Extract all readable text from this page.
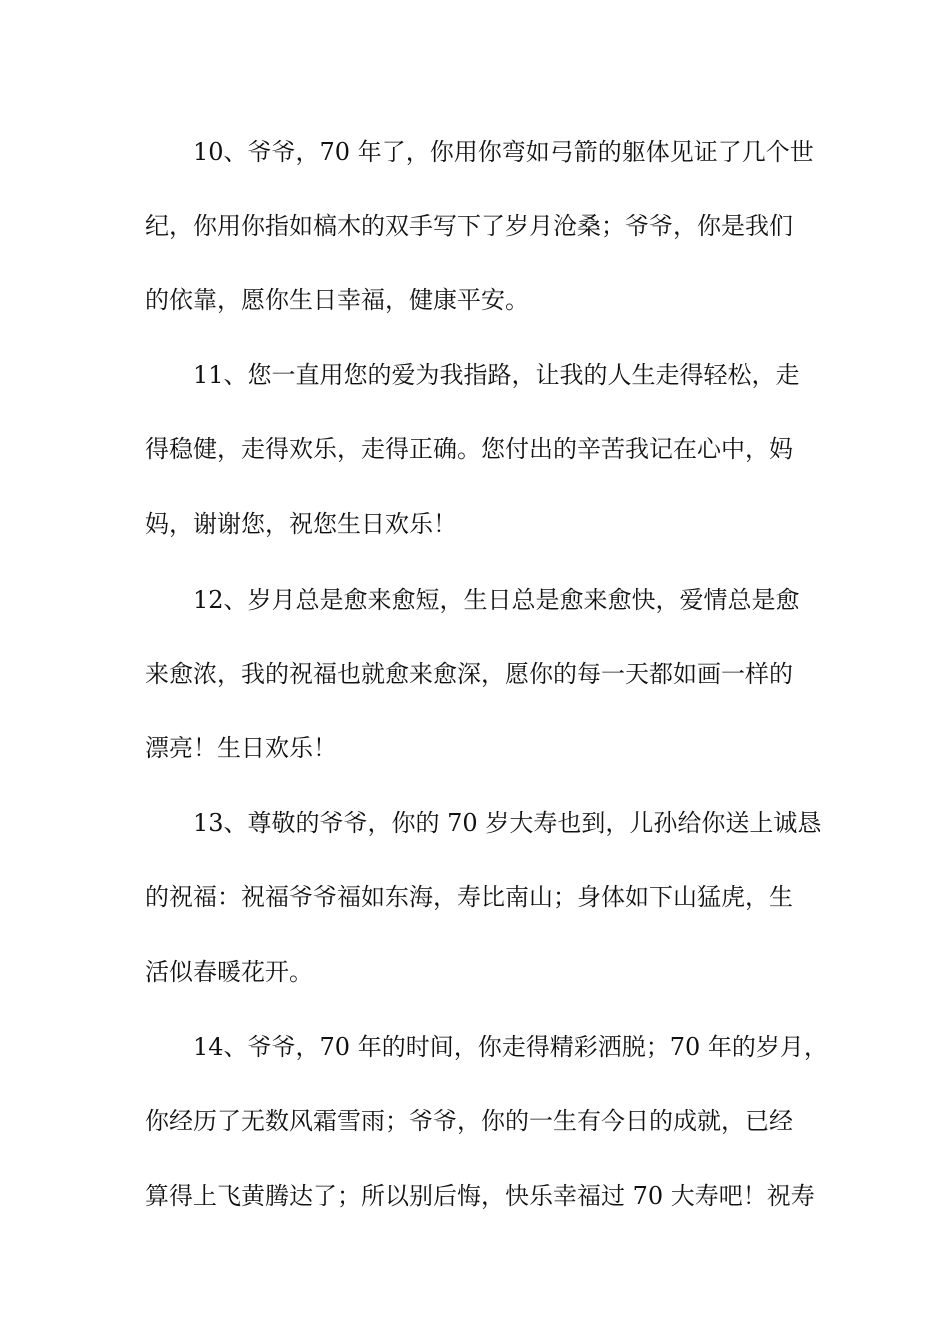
10、爷爷，70 年了，你用你弯如弓箭的躯体见证了几个世
纪，你用你指如槁木的双手写下了岁月沧桑；爷爷，你是我们
的依靠，愿你生日幸福，健康平安。
11、您一直用您的爱为我指路，让我的人生走得轻松，走
得稳健，走得欢乐，走得正确。您付出的辛苦我记在心中，妈
妈，谢谢您，祝您生日欢乐！
12、岁月总是愈来愈短，生日总是愈来愈快，爱情总是愈
来愈浓，我的祝福也就愈来愈深，愿你的每一天都如画一样的
漂亮！生日欢乐！
13、尊敬的爷爷，你的 70 岁大寿也到，儿孙给你送上诚恳
的祝福：祝福爷爷福如东海，寿比南山；身体如下山猛虎，生
活似春暖花开。
14、爷爷，70 年的时间，你走得精彩洒脱；70 年的岁月，
你经历了无数风霜雪雨；爷爷，你的一生有今日的成就，已经
算得上飞黄腾达了；所以别后悔，快乐幸福过 70 大寿吧！祝寿
